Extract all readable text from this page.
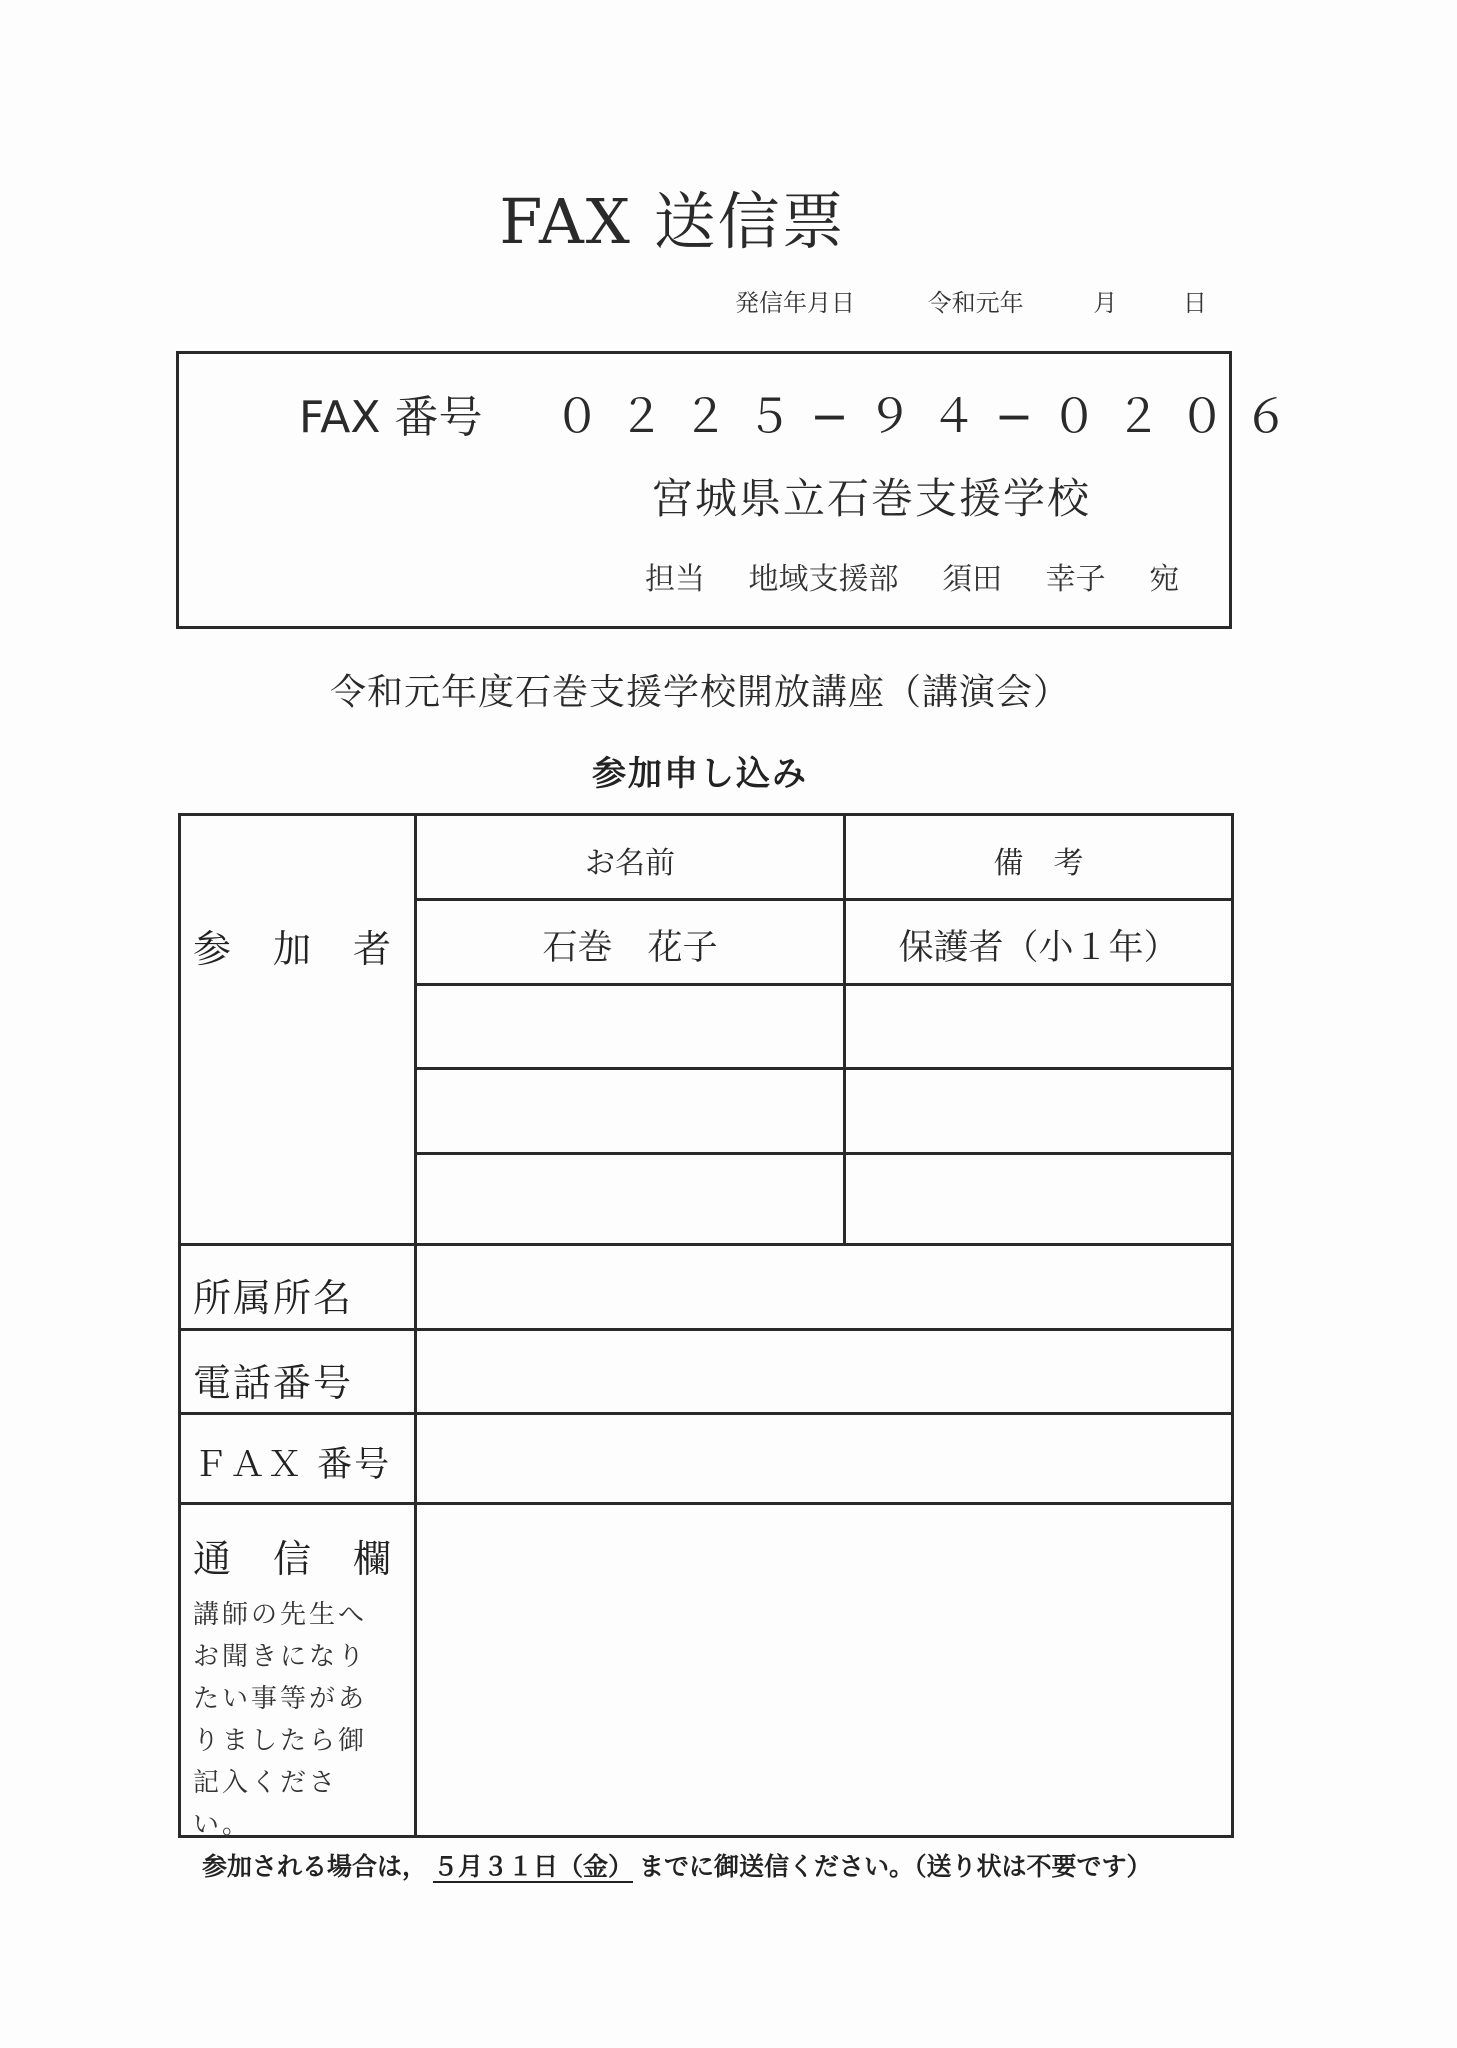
FAX 送信票
発信年月日	令和元年	月	日
FAX 番号 ０２２５−９４−０２０６
宮城県立石巻支援学校
担当 地域支援部 須田 幸子 宛
令和元年度石巻支援学校開放講座（講演会）
参加申し込み
参　加　者
お名前	備　考
石巻　花子	保護者（小１年）
所属所名
電話番号
ＦＡＸ 番号
通　信　欄
講師の先生へお聞きになりたい事等がありましたら御記入ください。
参加される場合は， ５月３１日（金） までに御送信ください。（送り状は不要です）
